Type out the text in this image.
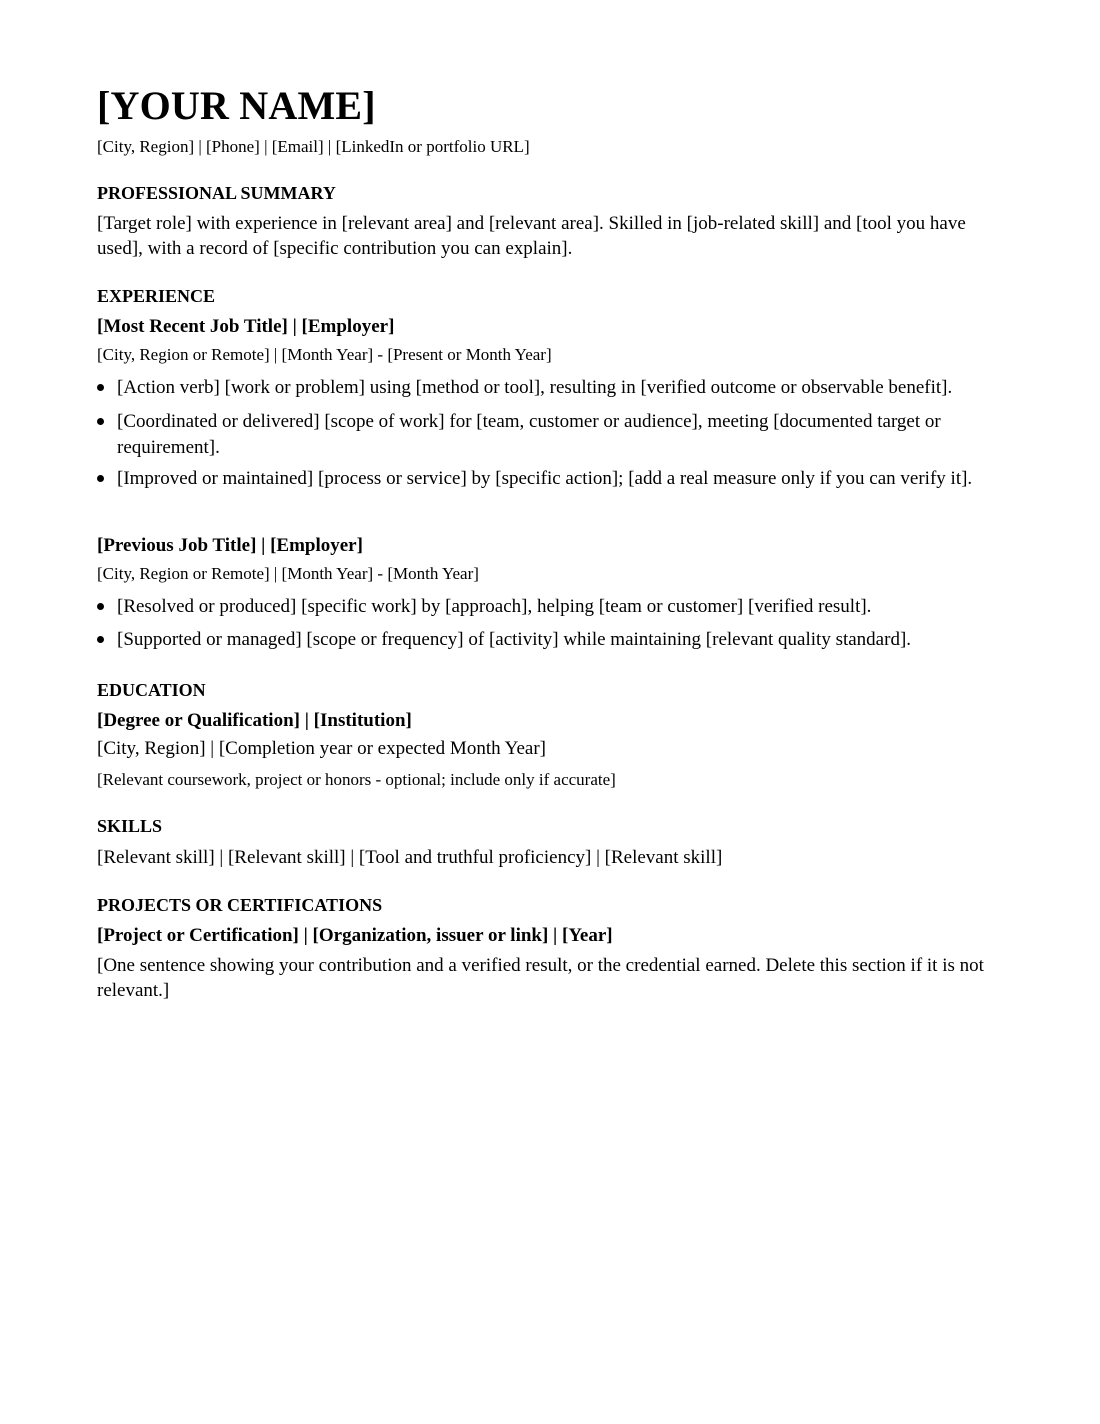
[YOUR NAME]
[City, Region] | [Phone] | [Email] | [LinkedIn or portfolio URL]
PROFESSIONAL SUMMARY
[Target role] with experience in [relevant area] and [relevant area]. Skilled in [job-related skill] and [tool you have used], with a record of [specific contribution you can explain].
EXPERIENCE
[Most Recent Job Title] | [Employer]
[City, Region or Remote] | [Month Year] - [Present or Month Year]
[Action verb] [work or problem] using [method or tool], resulting in [verified outcome or observable benefit].
[Coordinated or delivered] [scope of work] for [team, customer or audience], meeting [documented target or requirement].
[Improved or maintained] [process or service] by [specific action]; [add a real measure only if you can verify it].
[Previous Job Title] | [Employer]
[City, Region or Remote] | [Month Year] - [Month Year]
[Resolved or produced] [specific work] by [approach], helping [team or customer] [verified result].
[Supported or managed] [scope or frequency] of [activity] while maintaining [relevant quality standard].
EDUCATION
[Degree or Qualification] | [Institution]
[City, Region] | [Completion year or expected Month Year]
[Relevant coursework, project or honors - optional; include only if accurate]
SKILLS
[Relevant skill] | [Relevant skill] | [Tool and truthful proficiency] | [Relevant skill]
PROJECTS OR CERTIFICATIONS
[Project or Certification] | [Organization, issuer or link] | [Year]
[One sentence showing your contribution and a verified result, or the credential earned. Delete this section if it is not relevant.]
